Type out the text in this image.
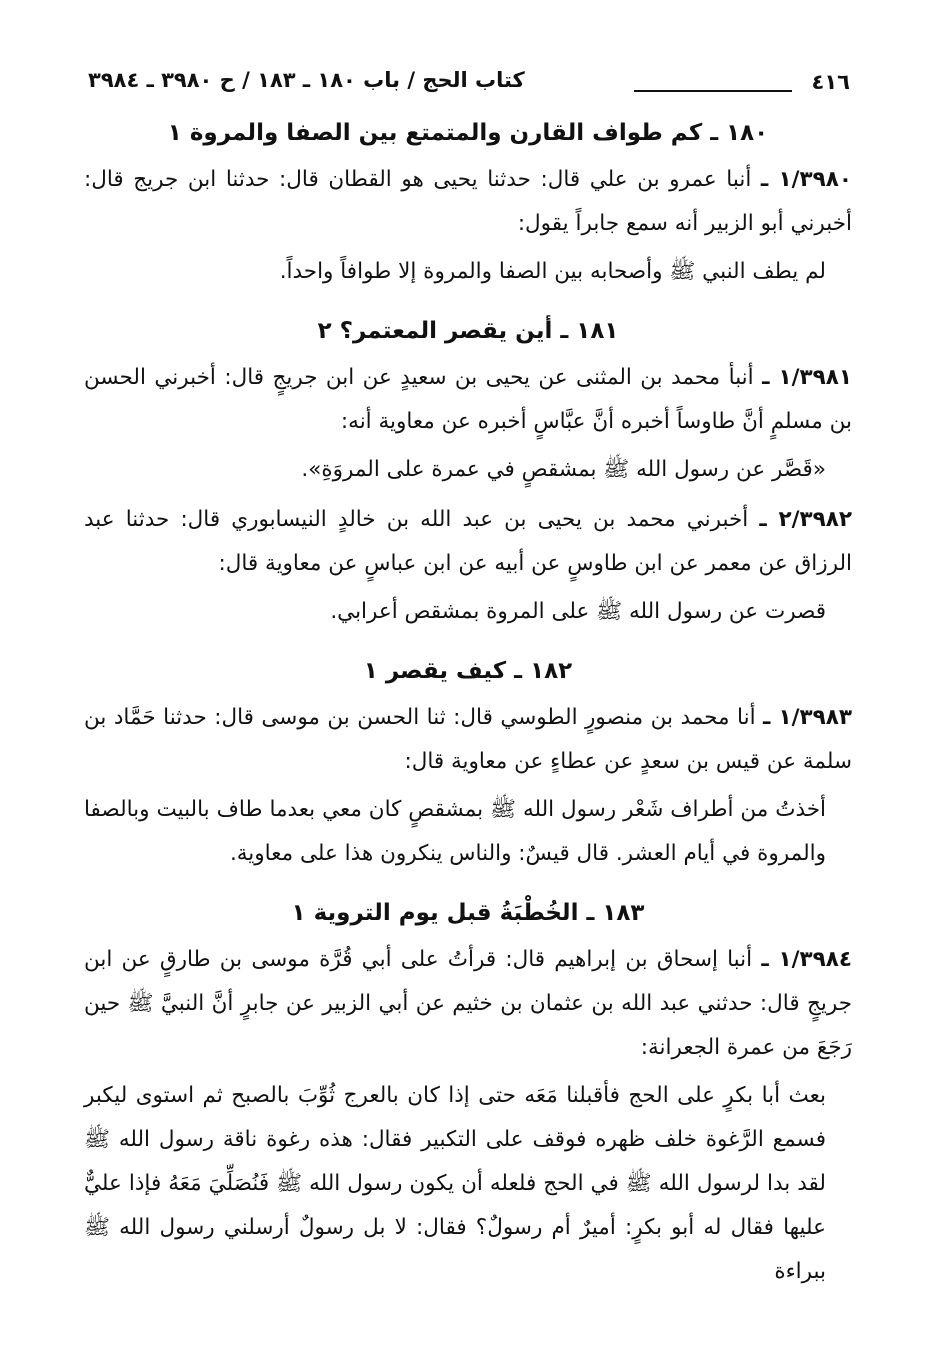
٤١٦
كتاب الحج / باب ١٨٠ ـ ١٨٣ / ح ٣٩٨٠ ـ ٣٩٨٤
١٨٠ ـ كم طواف القارن والمتمتع بين الصفا والمروة ١

١/٣٩٨٠ ـ أنبا عمرو بن علي قال: حدثنا يحيى هو القطان قال: حدثنا ابن جريج قال: أخبرني أبو الزبير أنه سمع جابراً يقول:

لم يطف النبي ﷺ وأصحابه بين الصفا والمروة إلا طوافاً واحداً.

١٨١ ـ أين يقصر المعتمر؟ ٢

١/٣٩٨١ ـ أنبأ محمد بن المثنى عن يحيى بن سعيدٍ عن ابن جريجٍ قال: أخبرني الحسن بن مسلمٍ أنَّ طاوساً أخبره أنَّ عبَّاسٍ أخبره عن معاوية أنه:

«قَصَّر عن رسول الله ﷺ بمشقصٍ في عمرة على المروَةِ».

٢/٣٩٨٢ ـ أخبرني محمد بن يحيى بن عبد الله بن خالدٍ النيسابوري قال: حدثنا عبد الرزاق عن معمر عن ابن طاوسٍ عن أبيه عن ابن عباسٍ عن معاوية قال:

قصرت عن رسول الله ﷺ على المروة بمشقص أعرابي.

١٨٢ ـ كيف يقصر ١

١/٣٩٨٣ ـ أنا محمد بن منصورٍ الطوسي قال: ثنا الحسن بن موسى قال: حدثنا حَمَّاد بن سلمة عن قيس بن سعدٍ عن عطاءٍ عن معاوية قال:

أخذتُ من أطراف شَعْر رسول الله ﷺ بمشقصٍ كان معي بعدما طاف بالبيت وبالصفا والمروة في أيام العشر. قال قيسٌ: والناس ينكرون هذا على معاوية.

١٨٣ ـ الخُطْبَةُ قبل يوم التروية ١

١/٣٩٨٤ ـ أنبا إسحاق بن إبراهيم قال: قرأتُ على أبي قُرَّة موسى بن طارقٍ عن ابن جريجٍ قال: حدثني عبد الله بن عثمان بن خثيم عن أبي الزبير عن جابرٍ أنَّ النبيَّ ﷺ حين رَجَعَ من عمرة الجعرانة:

بعث أبا بكرٍ على الحج فأقبلنا مَعَه حتى إذا كان بالعرج ثُوِّبَ بالصبح ثم استوى ليكبر فسمع الرَّغوة خلف ظهره فوقف على التكبير فقال: هذه رغوة ناقة رسول الله ﷺ لقد بدا لرسول الله ﷺ في الحج فلعله أن يكون رسول الله ﷺ فَنُصَلِّيَ مَعَهُ فإذا عليٌّ عليها فقال له أبو بكرٍ: أميرٌ أم رسولٌ؟ فقال: لا بل رسولٌ أرسلني رسول الله ﷺ ببراءة
